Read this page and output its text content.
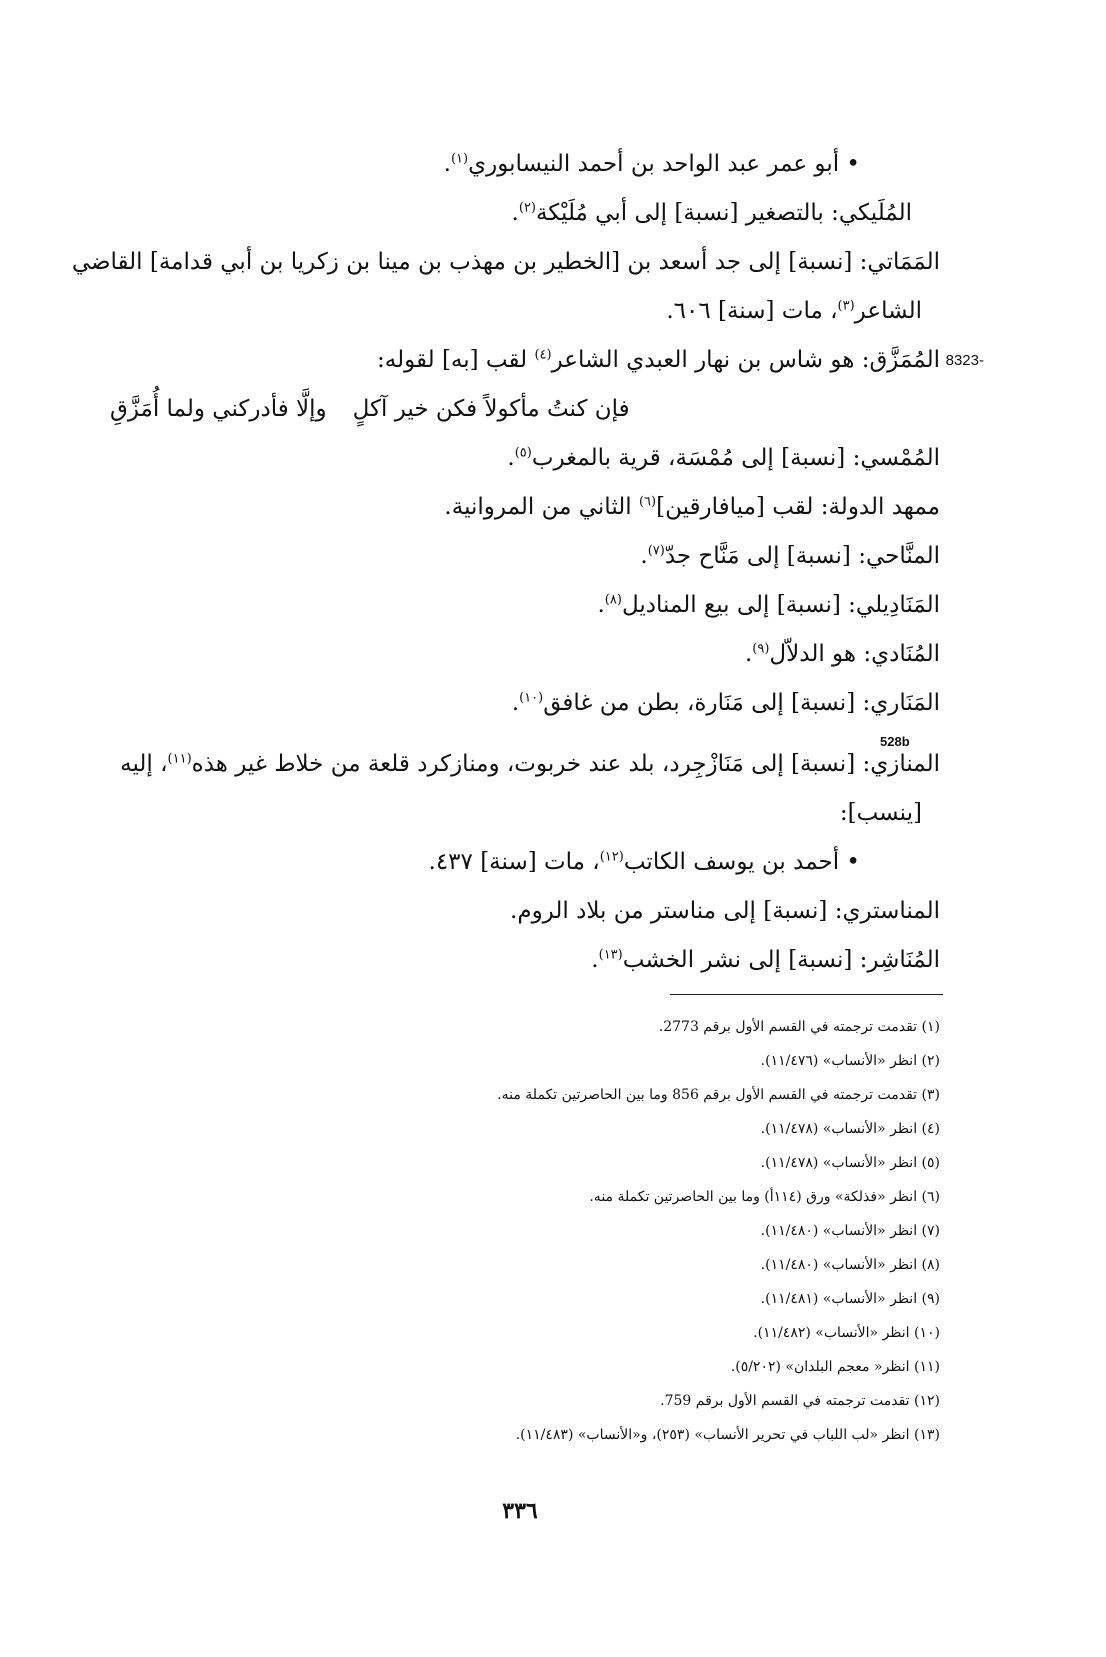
• أبو عمر عبد الواحد بن أحمد النيسابوري$^{(١)}$.
المُلَيكي: بالتصغير [نسبة] إلى أبي مُلَيْكة$^{(٢)}$.
المَمَاتي: [نسبة] إلى جد أسعد بن [الخطير بن مهذب بن مينا بن زكريا بن أبي قدامة] القاضي
الشاعر$^{(٣)}$، مات [سنة] ٦٠٦.
8323-
المُمَزَّق: هو شاس بن نهار العبدي الشاعر$^{(٤)}$ لقب [به] لقوله:
فإن كنتُ مأكولاً فكن خير آكلٍ
وإلَّا فأدركني ولما أُمَزَّقِ
المُمْسي: [نسبة] إلى مُمْسَة، قرية بالمغرب$^{(٥)}$.
ممهد الدولة: لقب [ميافارقين]$^{(٦)}$ الثاني من المروانية.
المنَّاحي: [نسبة] إلى مَنَّاح جدّ$^{(٧)}$.
المَنَادِيلي: [نسبة] إلى بيع المناديل$^{(٨)}$.
المُنَادي: هو الدلاّل$^{(٩)}$.
المَنَاري: [نسبة] إلى مَنَارة، بطن من غافق$^{(١٠)}$.
528b
المنازي: [نسبة] إلى مَنَازْجِرد، بلد عند خربوت، ومنازكرد قلعة من خلاط غير هذه$^{(١١)}$، إليه
[ينسب]:
• أحمد بن يوسف الكاتب$^{(١٢)}$، مات [سنة] ٤٣٧.
المناستري: [نسبة] إلى مناستر من بلاد الروم.
المُنَاشِر: [نسبة] إلى نشر الخشب$^{(١٣)}$.
(١) تقدمت ترجمته في القسم الأول برقم 2773.
(٢) انظر «الأنساب» (١١/٤٧٦).
(٣) تقدمت ترجمته في القسم الأول برقم 856 وما بين الحاصرتين تكملة منه.
(٤) انظر «الأنساب» (١١/٤٧٨).
(٥) انظر «الأنساب» (١١/٤٧٨).
(٦) انظر «فذلكة» ورق (١١٤أ) وما بين الحاصرتين تكملة منه.
(٧) انظر «الأنساب» (١١/٤٨٠).
(٨) انظر «الأنساب» (١١/٤٨٠).
(٩) انظر «الأنساب» (١١/٤٨١).
(١٠) انظر «الأنساب» (١١/٤٨٢).
(١١) انظر« معجم البلدان» (٥/٢٠٢).
(١٢) تقدمت ترجمته في القسم الأول برقم 759.
(١٣) انظر «لب اللباب في تحرير الأنساب» (٢٥٣)، و«الأنساب» (١١/٤٨٣).
٣٣٦
